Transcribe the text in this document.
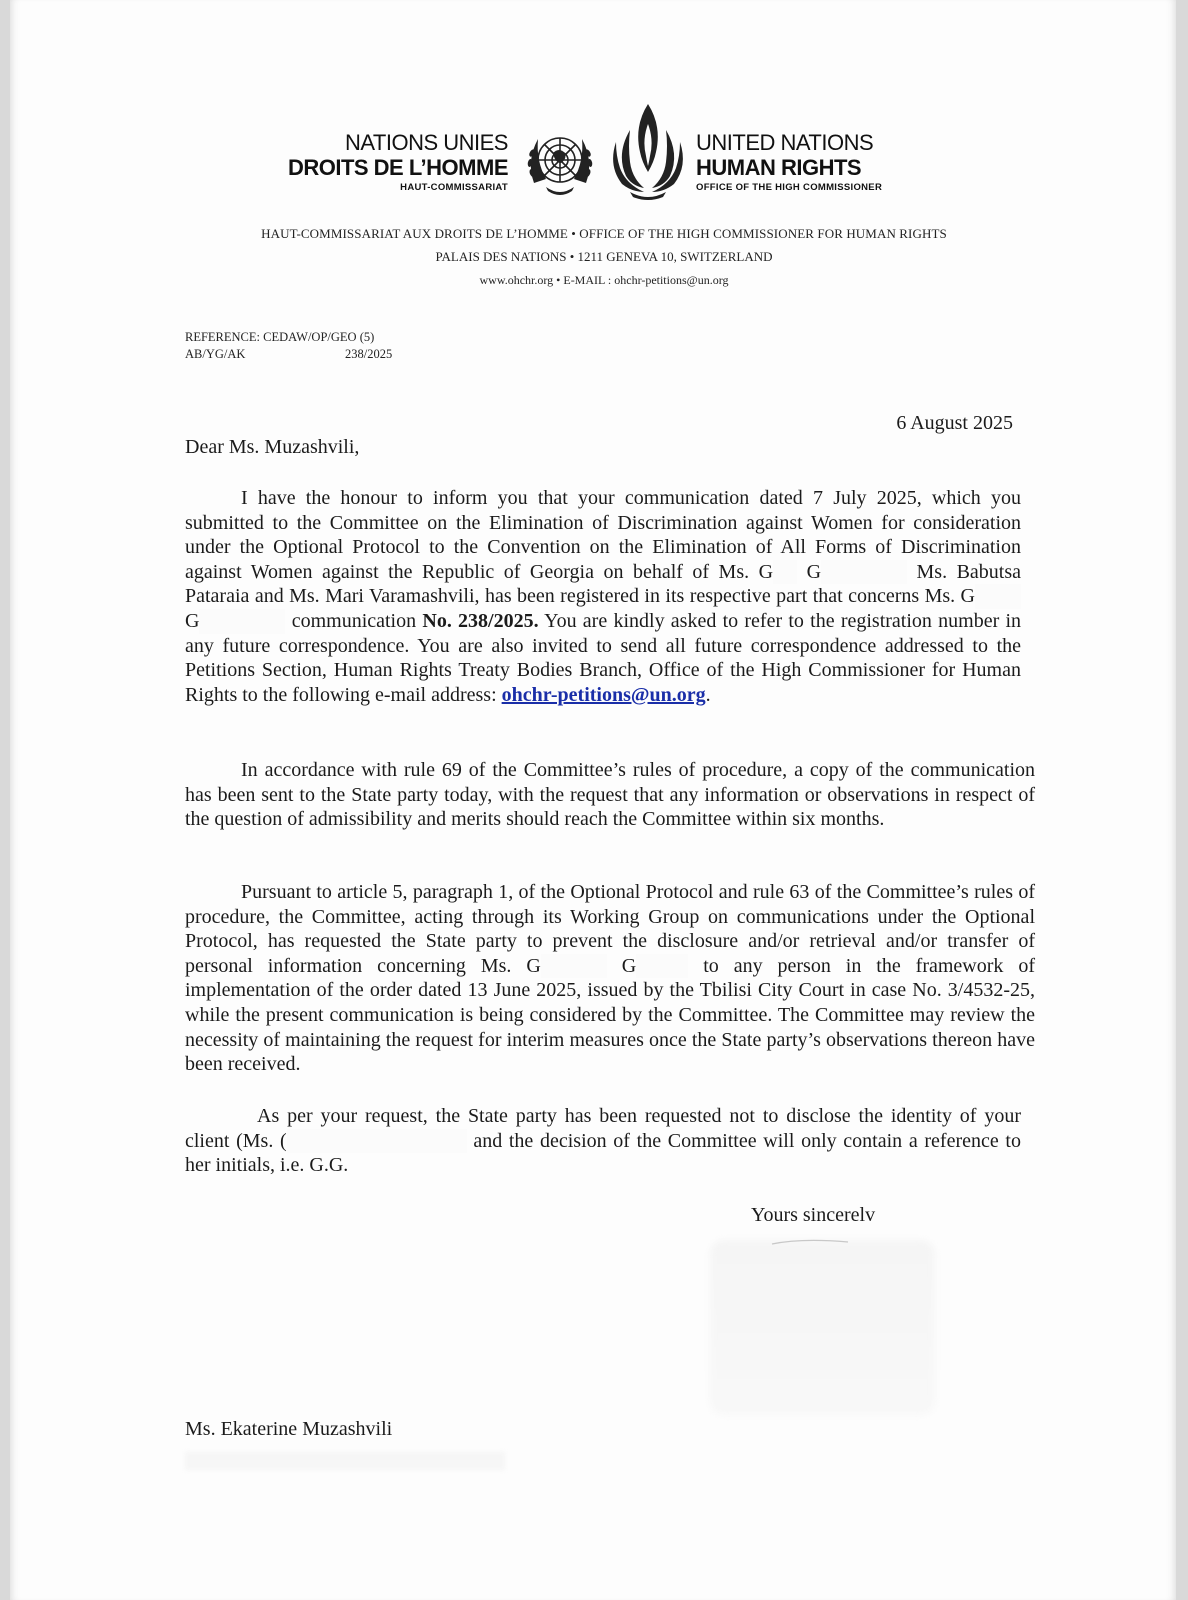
NATIONS UNIES
DROITS DE L’HOMME
HAUT-COMMISSARIAT
UNITED NATIONS
HUMAN RIGHTS
OFFICE OF THE HIGH COMMISSIONER
HAUT-COMMISSARIAT AUX DROITS DE L’HOMME • OFFICE OF THE HIGH COMMISSIONER FOR HUMAN RIGHTS
PALAIS DES NATIONS • 1211 GENEVA 10, SWITZERLAND
www.ohchr.org • E-MAIL : ohchr-petitions@un.org
REFERENCE: CEDAW/OP/GEO (5)
AB/YG/AK	238/2025
6 August 2025
Dear Ms. Muzashvili,

I have the honour to inform you that your communication dated 7 July 2025, which you submitted to the Committee on the Elimination of Discrimination against Women for consideration under the Optional Protocol to the Convention on the Elimination of All Forms of Discrimination against Women against the Republic of Georgia on behalf of Ms. G G	Ms. Babutsa Pataraia and Ms. Mari Varamashvili, has been registered in its respective part that concerns Ms. G G	communication No. 238/2025. You are kindly asked to refer to the registration number in any future correspondence. You are also invited to send all future correspondence addressed to the Petitions Section, Human Rights Treaty Bodies Branch, Office of the High Commissioner for Human Rights to the following e-mail address: ohchr-petitions@un.org.

In accordance with rule 69 of the Committee’s rules of procedure, a copy of the communication has been sent to the State party today, with the request that any information or observations in respect of the question of admissibility and merits should reach the Committee within six months.

Pursuant to article 5, paragraph 1, of the Optional Protocol and rule 63 of the Committee’s rules of procedure, the Committee, acting through its Working Group on communications under the Optional Protocol, has requested the State party to prevent the disclosure and/or retrieval and/or transfer of personal information concerning Ms. G	G	to any person in the framework of implementation of the order dated 13 June 2025, issued by the Tbilisi City Court in case No. 3/4532-25, while the present communication is being considered by the Committee. The Committee may review the necessity of maintaining the request for interim measures once the State party’s observations thereon have been received.

As per your request, the State party has been requested not to disclose the identity of your client (Ms. (	and the decision of the Committee will only contain a reference to her initials, i.e. G.G.

Yours sincerelv
Ms. Ekaterine Muzashvili
